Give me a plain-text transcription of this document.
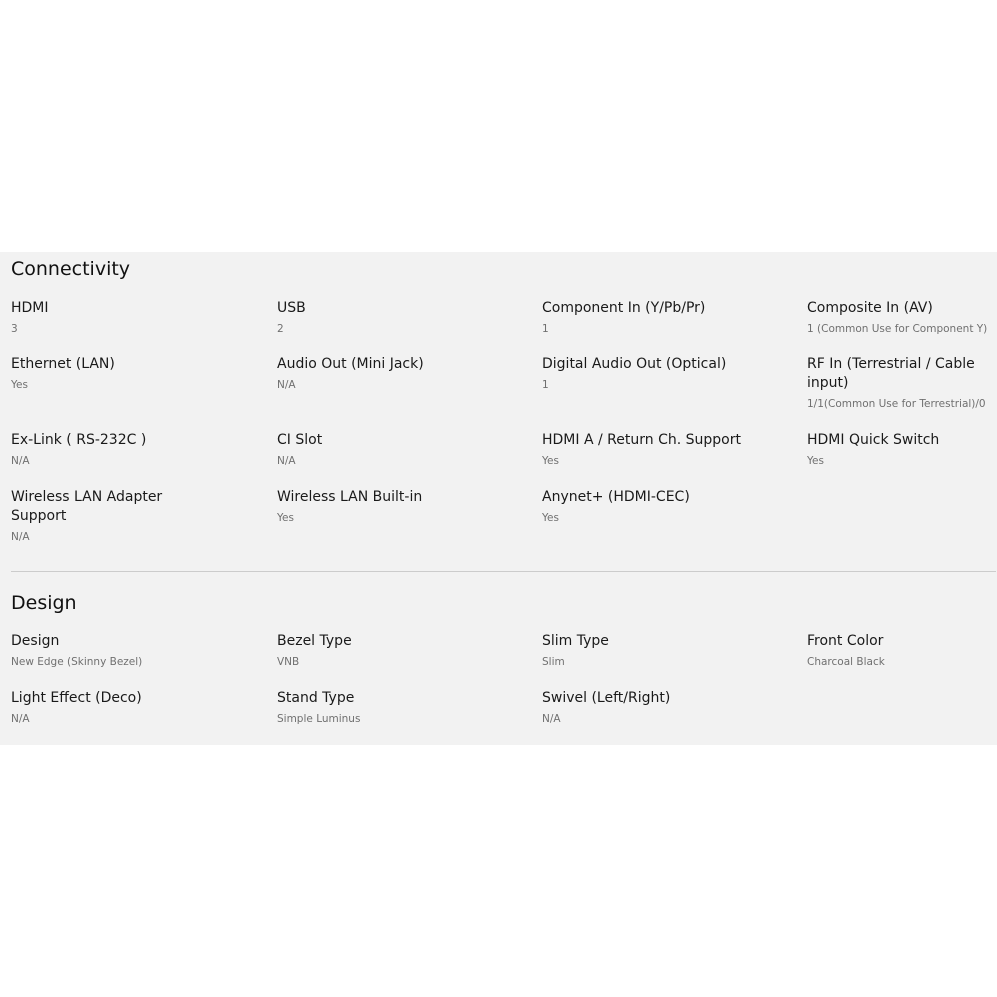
Connectivity
HDMI
3
USB
2
Component In (Y/Pb/Pr)
1
Composite In (AV)
1 (Common Use for Component Y)
Ethernet (LAN)
Yes
Audio Out (Mini Jack)
N/A
Digital Audio Out (Optical)
1
RF In (Terrestrial / Cable input)
1/1(Common Use for Terrestrial)/0
Ex-Link ( RS-232C )
N/A
CI Slot
N/A
HDMI A / Return Ch. Support
Yes
HDMI Quick Switch
Yes
Wireless LAN Adapter Support
N/A
Wireless LAN Built-in
Yes
Anynet+ (HDMI-CEC)
Yes
Design
Design
New Edge (Skinny Bezel)
Bezel Type
VNB
Slim Type
Slim
Front Color
Charcoal Black
Light Effect (Deco)
N/A
Stand Type
Simple Luminus
Swivel (Left/Right)
N/A
